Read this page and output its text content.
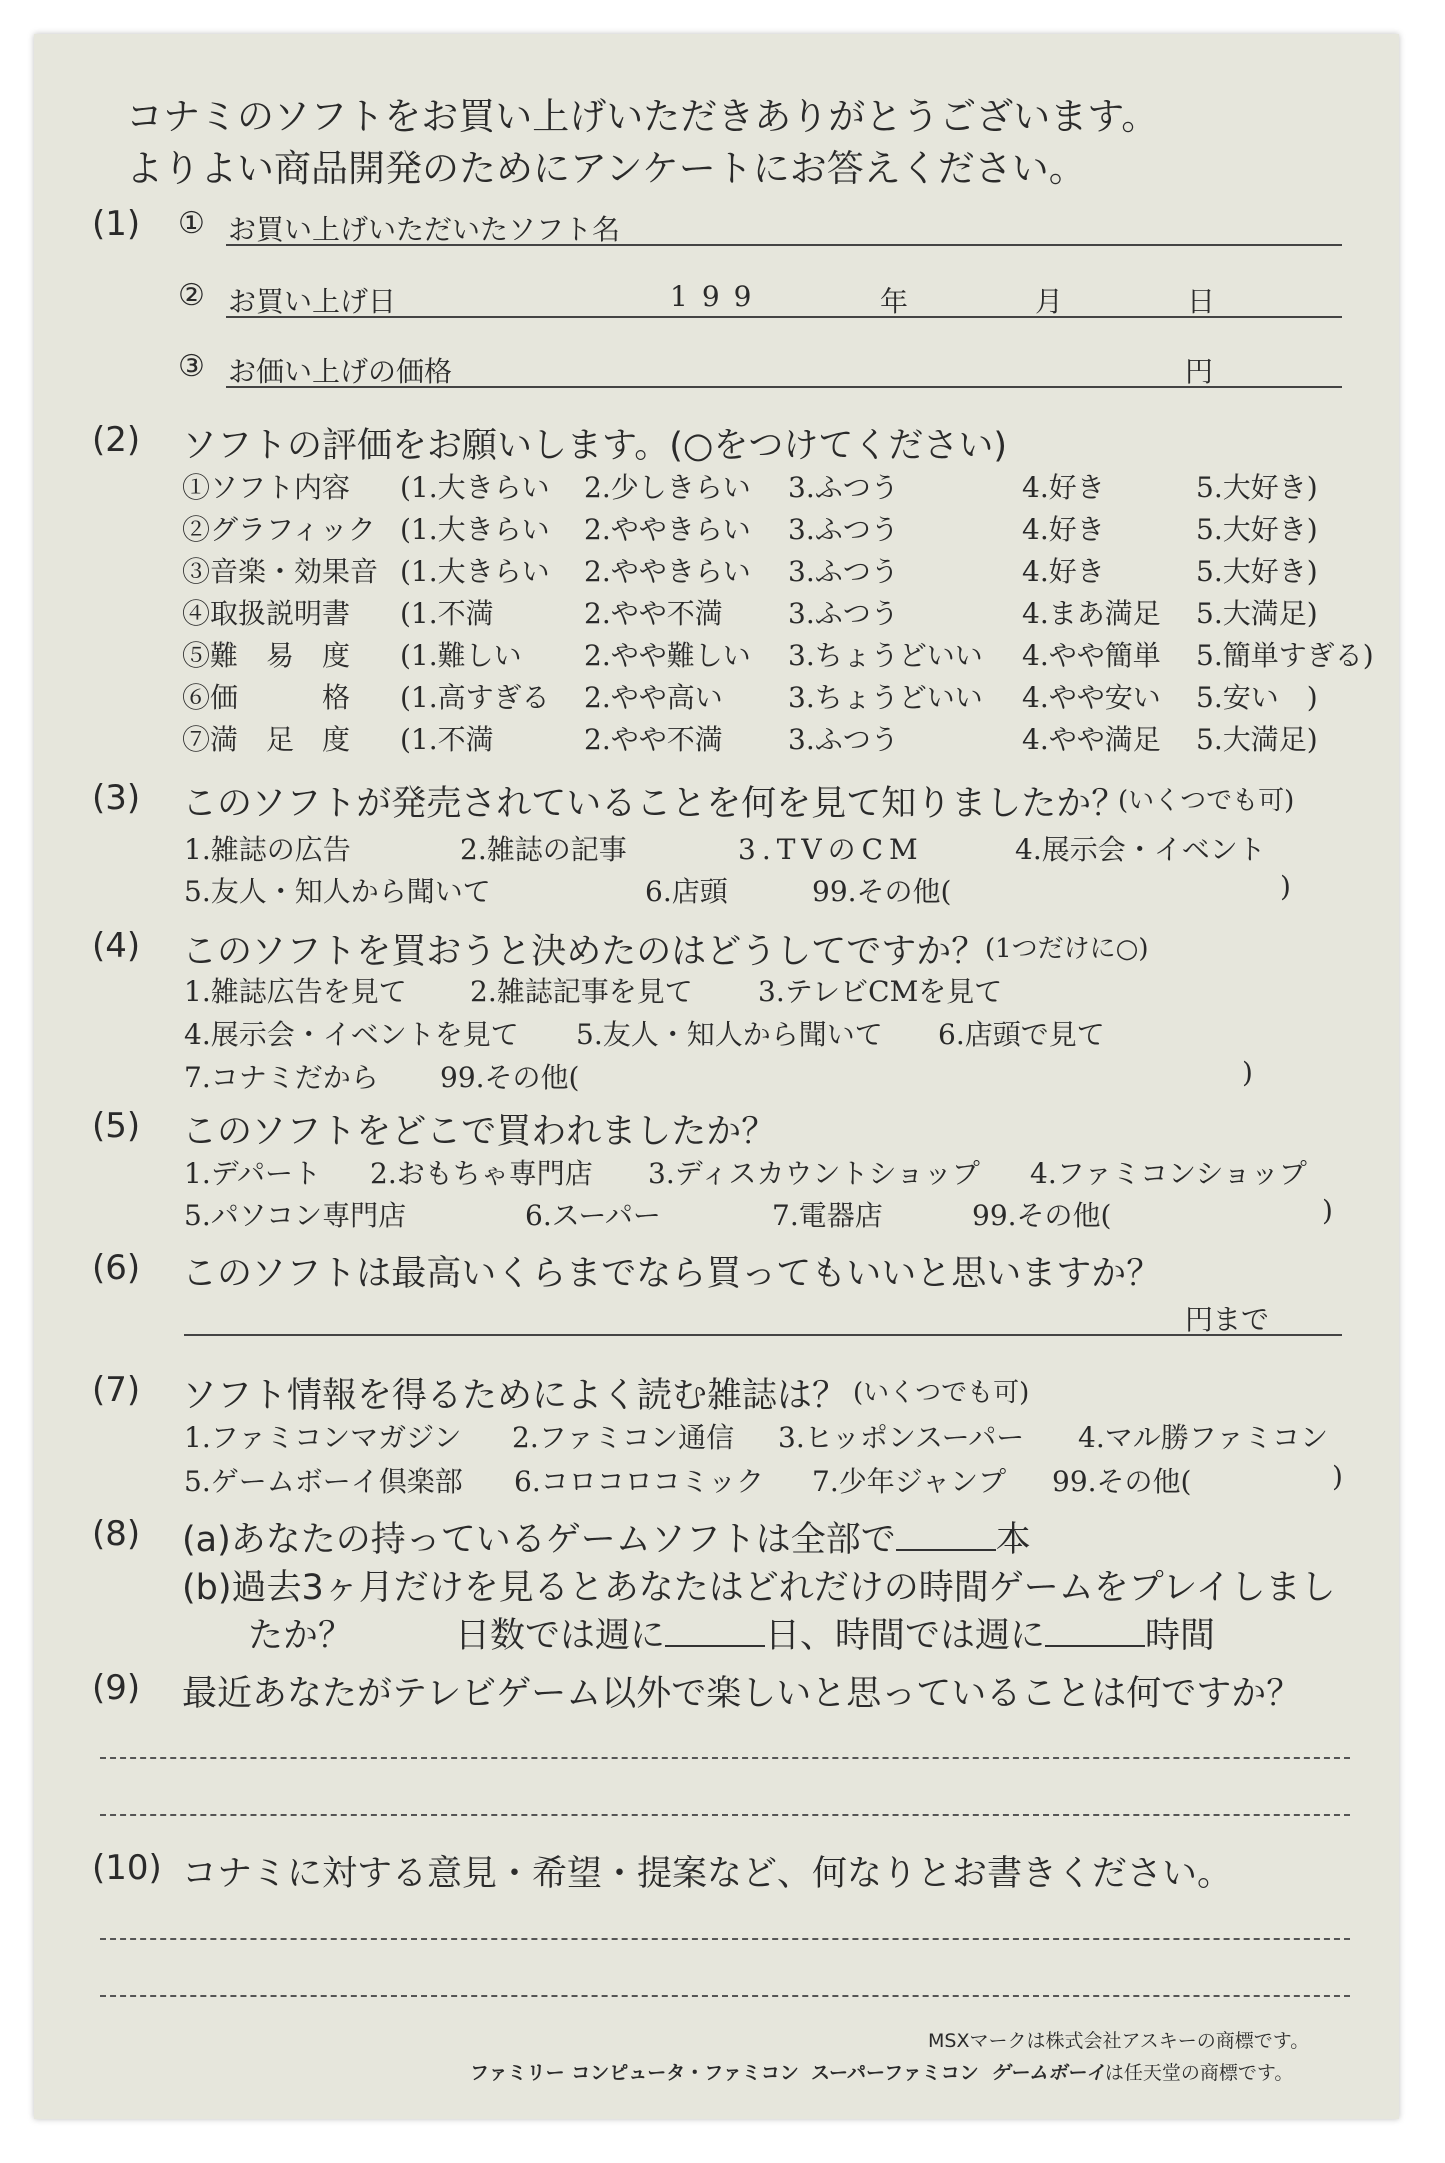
コナミのソフトをお買い上げいただきありがとうございます。
よりよい商品開発のためにアンケートにお答えください。
(1) ① お買い上げいただいたソフト名
② お買い上げ日	199	年	月	日
③ お価い上げの価格	円
(2) ソフトの評価をお願いします。(○をつけてください)
①ソフト内容 (1.大きらい 2.少しきらい 3.ふつう	4.好き	5.大好き)
②グラフィック (1.大きらい 2.ややきらい 3.ふつう	4.好き	5.大好き)
③音楽・効果音 (1.大きらい 2.ややきらい 3.ふつう	4.好き	5.大好き)
④取扱説明書 (1.不満	2.やや不満 3.ふつう	4.まあ満足 5.大満足)
⑤難　易　度 (1.難しい 2.やや難しい 3.ちょうどいい 4.やや簡単 5.簡単すぎる)
⑥価　　　格 (1.高すぎる 2.やや高い 3.ちょうどいい 4.やや安い 5.安い　)
⑦満　足　度 (1.不満	2.やや不満 3.ふつう	4.やや満足 5.大満足)
(3) このソフトが発売されていることを何を見て知りましたか？
(いくつでも可)
1.雑誌の広告	2.雑誌の記事	3.TVのCM	4.展示会・イベント
5.友人・知人から聞いて	6.店頭	99.その他(	)
(4) このソフトを買おうと決めたのはどうしてですか？
(1つだけに○)
1.雑誌広告を見て 2.雑誌記事を見て 3.テレビCMを見て
4.展示会・イベントを見て 5.友人・知人から聞いて 6.店頭で見て
7.コナミだから 99.その他(	)
(5) このソフトをどこで買われましたか？
1.デパート 2.おもちゃ専門店 3.ディスカウントショップ 4.ファミコンショップ
5.パソコン専門店	6.スーパー	7.電器店	99.その他(	)
(6) このソフトは最高いくらまでなら買ってもいいと思いますか？
円まで
(7) ソフト情報を得るためによく読む雑誌は？ (いくつでも可)
1.ファミコンマガジン 2.ファミコン通信 3.ヒッポンスーパー 4.マル勝ファミコン
5.ゲームボーイ倶楽部 6.コロコロコミック 7.少年ジャンプ 99.その他(	)
(8) (a)あなたの持っているゲームソフトは全部で	本
(b)過去3ヶ月だけを見るとあなたはどれだけの時間ゲームをプレイしまし
たか？	日数では週に	日、時間では週に	時間
(9) 最近あなたがテレビゲーム以外で楽しいと思っていることは何ですか？
(10) コナミに対する意見・希望・提案など、何なりとお書きください。
MSXマークは株式会社アスキーの商標です。
ファミリー コンピュータ・ファミコン スーパーファミコン ゲームボーイは任天堂の商標です。
